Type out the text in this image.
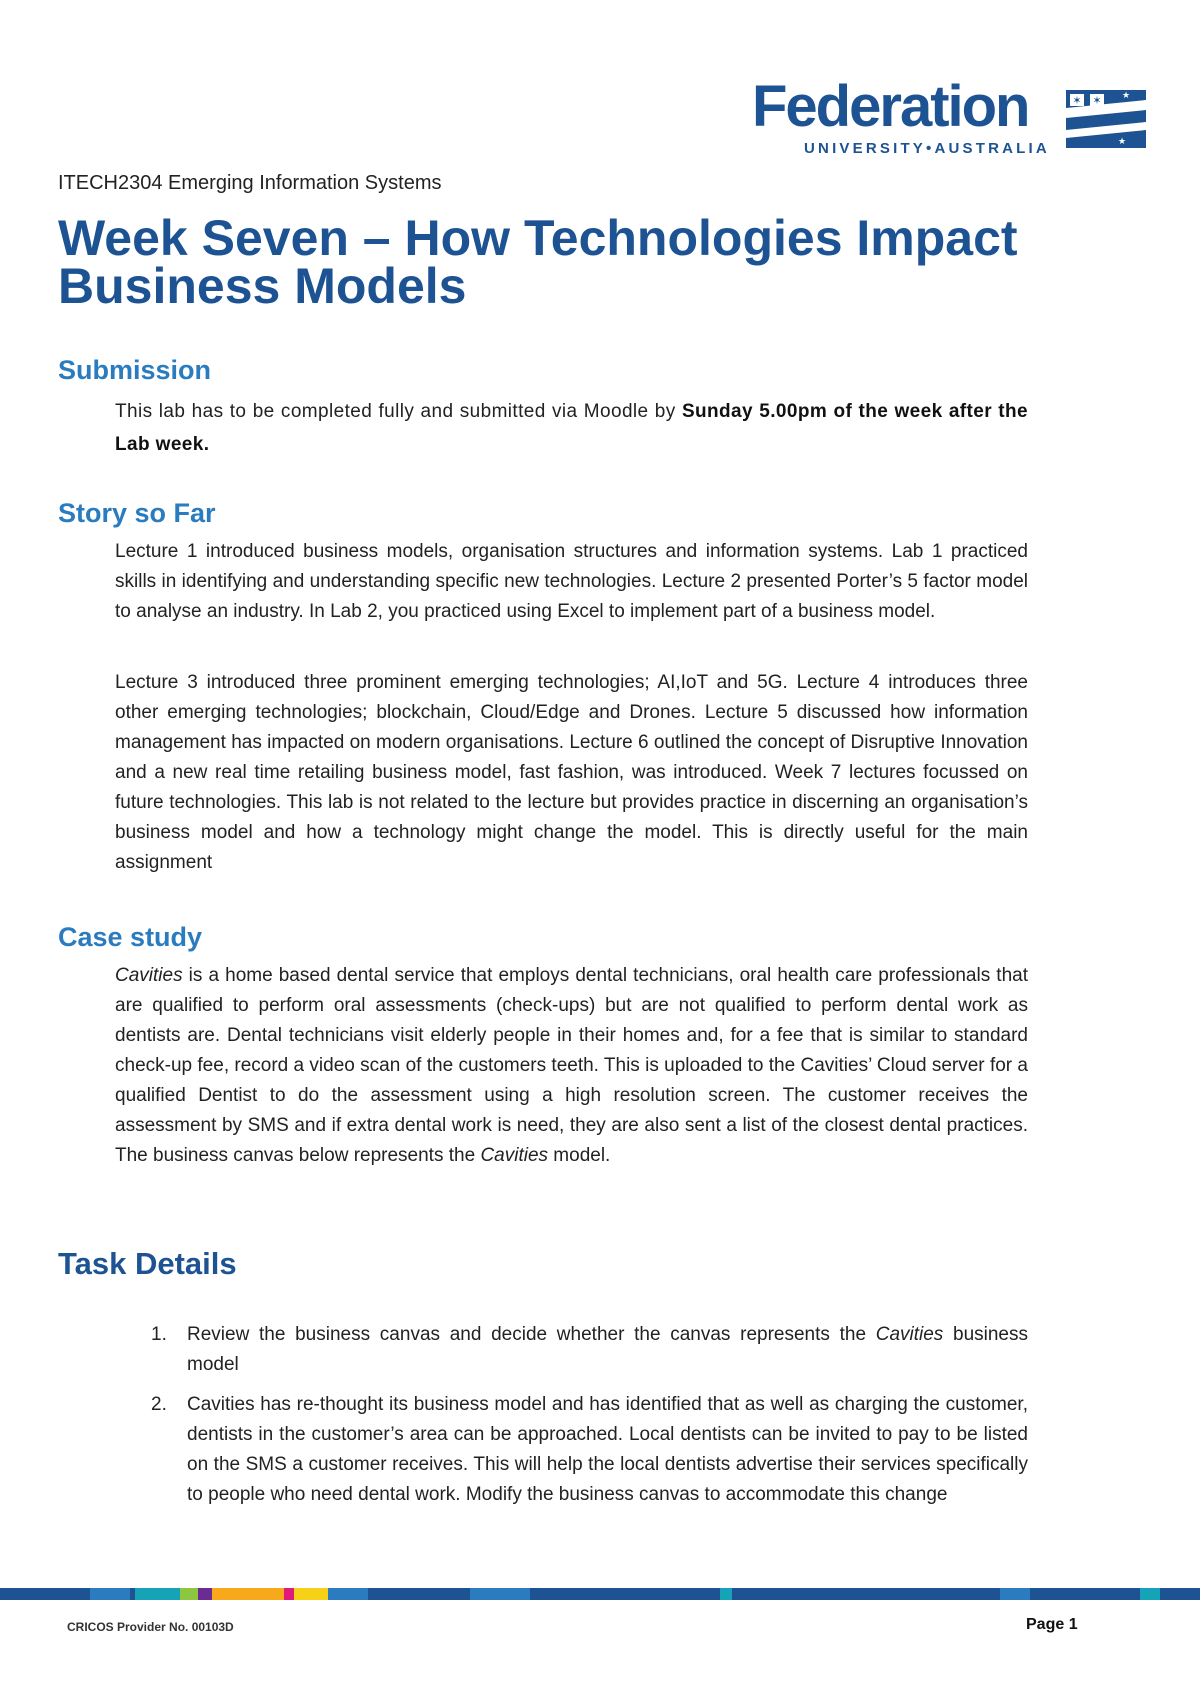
Federation
UNIVERSITY•AUSTRALIA
✶ ✶ ★
★ ★
★
ITECH2304 Emerging Information Systems
Week Seven – How Technologies Impact Business Models
Submission

This lab has to be completed fully and submitted via Moodle by Sunday 5.00pm of the week after the Lab week.

Story so Far

Lecture 1 introduced business models, organisation structures and information systems. Lab 1 practiced skills in identifying and understanding specific new technologies. Lecture 2 presented Porter’s 5 factor model to analyse an industry. In Lab 2, you practiced using Excel to implement part of a business model.

Lecture 3 introduced three prominent emerging technologies; AI,IoT and 5G. Lecture 4 introduces three other emerging technologies; blockchain, Cloud/Edge and Drones. Lecture 5 discussed how information management has impacted on modern organisations. Lecture 6 outlined the concept of Disruptive Innovation and a new real time retailing business model, fast fashion, was introduced. Week 7 lectures focussed on future technologies. This lab is not related to the lecture but provides practice in discerning an organisation’s business model and how a technology might change the model. This is directly useful for the main assignment

Case study

Cavities is a home based dental service that employs dental technicians, oral health care professionals that are qualified to perform oral assessments (check-ups) but are not qualified to perform dental work as dentists are. Dental technicians visit elderly people in their homes and, for a fee that is similar to standard check-up fee, record a video scan of the customers teeth. This is uploaded to the Cavities’ Cloud server for a qualified Dentist to do the assessment using a high resolution screen. The customer receives the assessment by SMS and if extra dental work is need, they are also sent a list of the closest dental practices. The business canvas below represents the Cavities model.

Task Details
1. Review the business canvas and decide whether the canvas represents the Cavities business model
2. Cavities has re-thought its business model and has identified that as well as charging the customer, dentists in the customer’s area can be approached. Local dentists can be invited to pay to be listed on the SMS a customer receives. This will help the local dentists advertise their services specifically to people who need dental work. Modify the business canvas to accommodate this change
CRICOS Provider No. 00103D	Page 1
